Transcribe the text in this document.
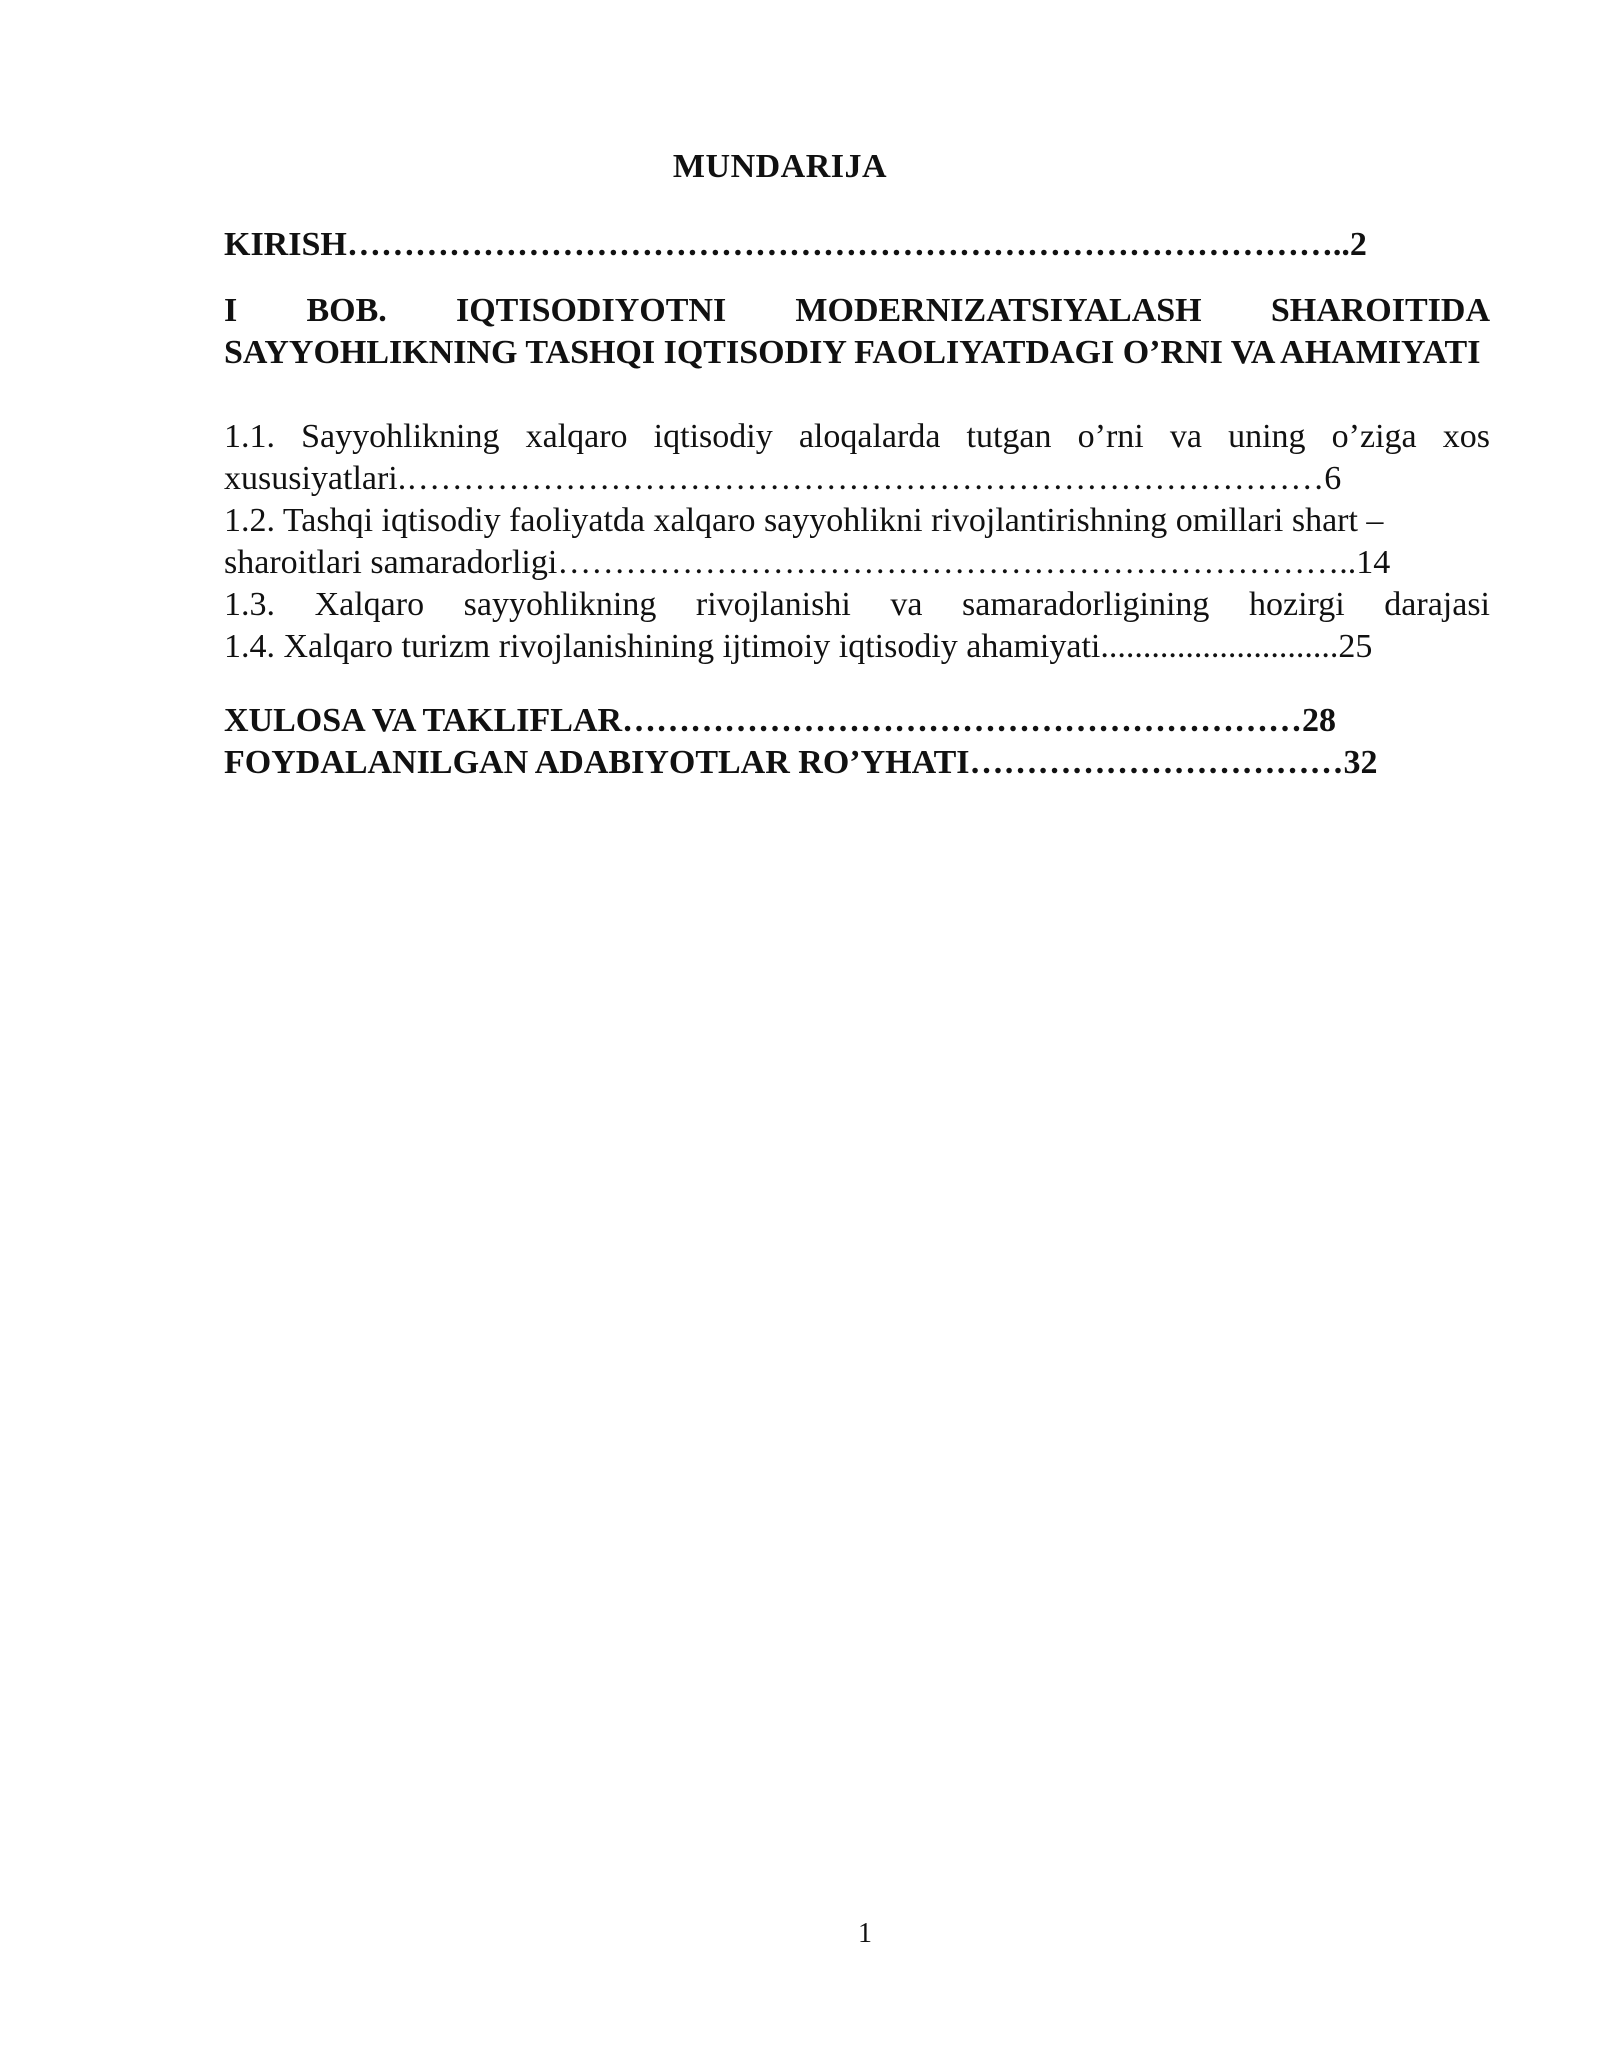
MUNDARIJA
KIRISH……………………………………………………………………………..2
I BOB. IQTISODIYOTNI MODERNIZATSIYALASH SHAROITIDA SAYYOHLIKNING TASHQI IQTISODIY FAOLIYATDAGI O’RNI VA AHAMIYATI
1.1. Sayyohlikning xalqaro iqtisodiy aloqalarda tutgan o’rni va uning o’ziga xos
xususiyatlari.………………………………………………………………………6
1.2. Tashqi iqtisodiy faoliyatda xalqaro sayyohlikni rivojlantirishning omillari shart –
sharoitlari samaradorligi……………………………………………………………..14
1.3. Xalqaro sayyohlikning rivojlanishi va samaradorligining hozirgi darajasi
1.4. Xalqaro turizm rivojlanishining ijtimoiy iqtisodiy ahamiyati............................25
XULOSA VA TAKLIFLAR……………………………………………………28
FOYDALANILGAN ADABIYOTLAR RO’YHATI……………………………32
1
